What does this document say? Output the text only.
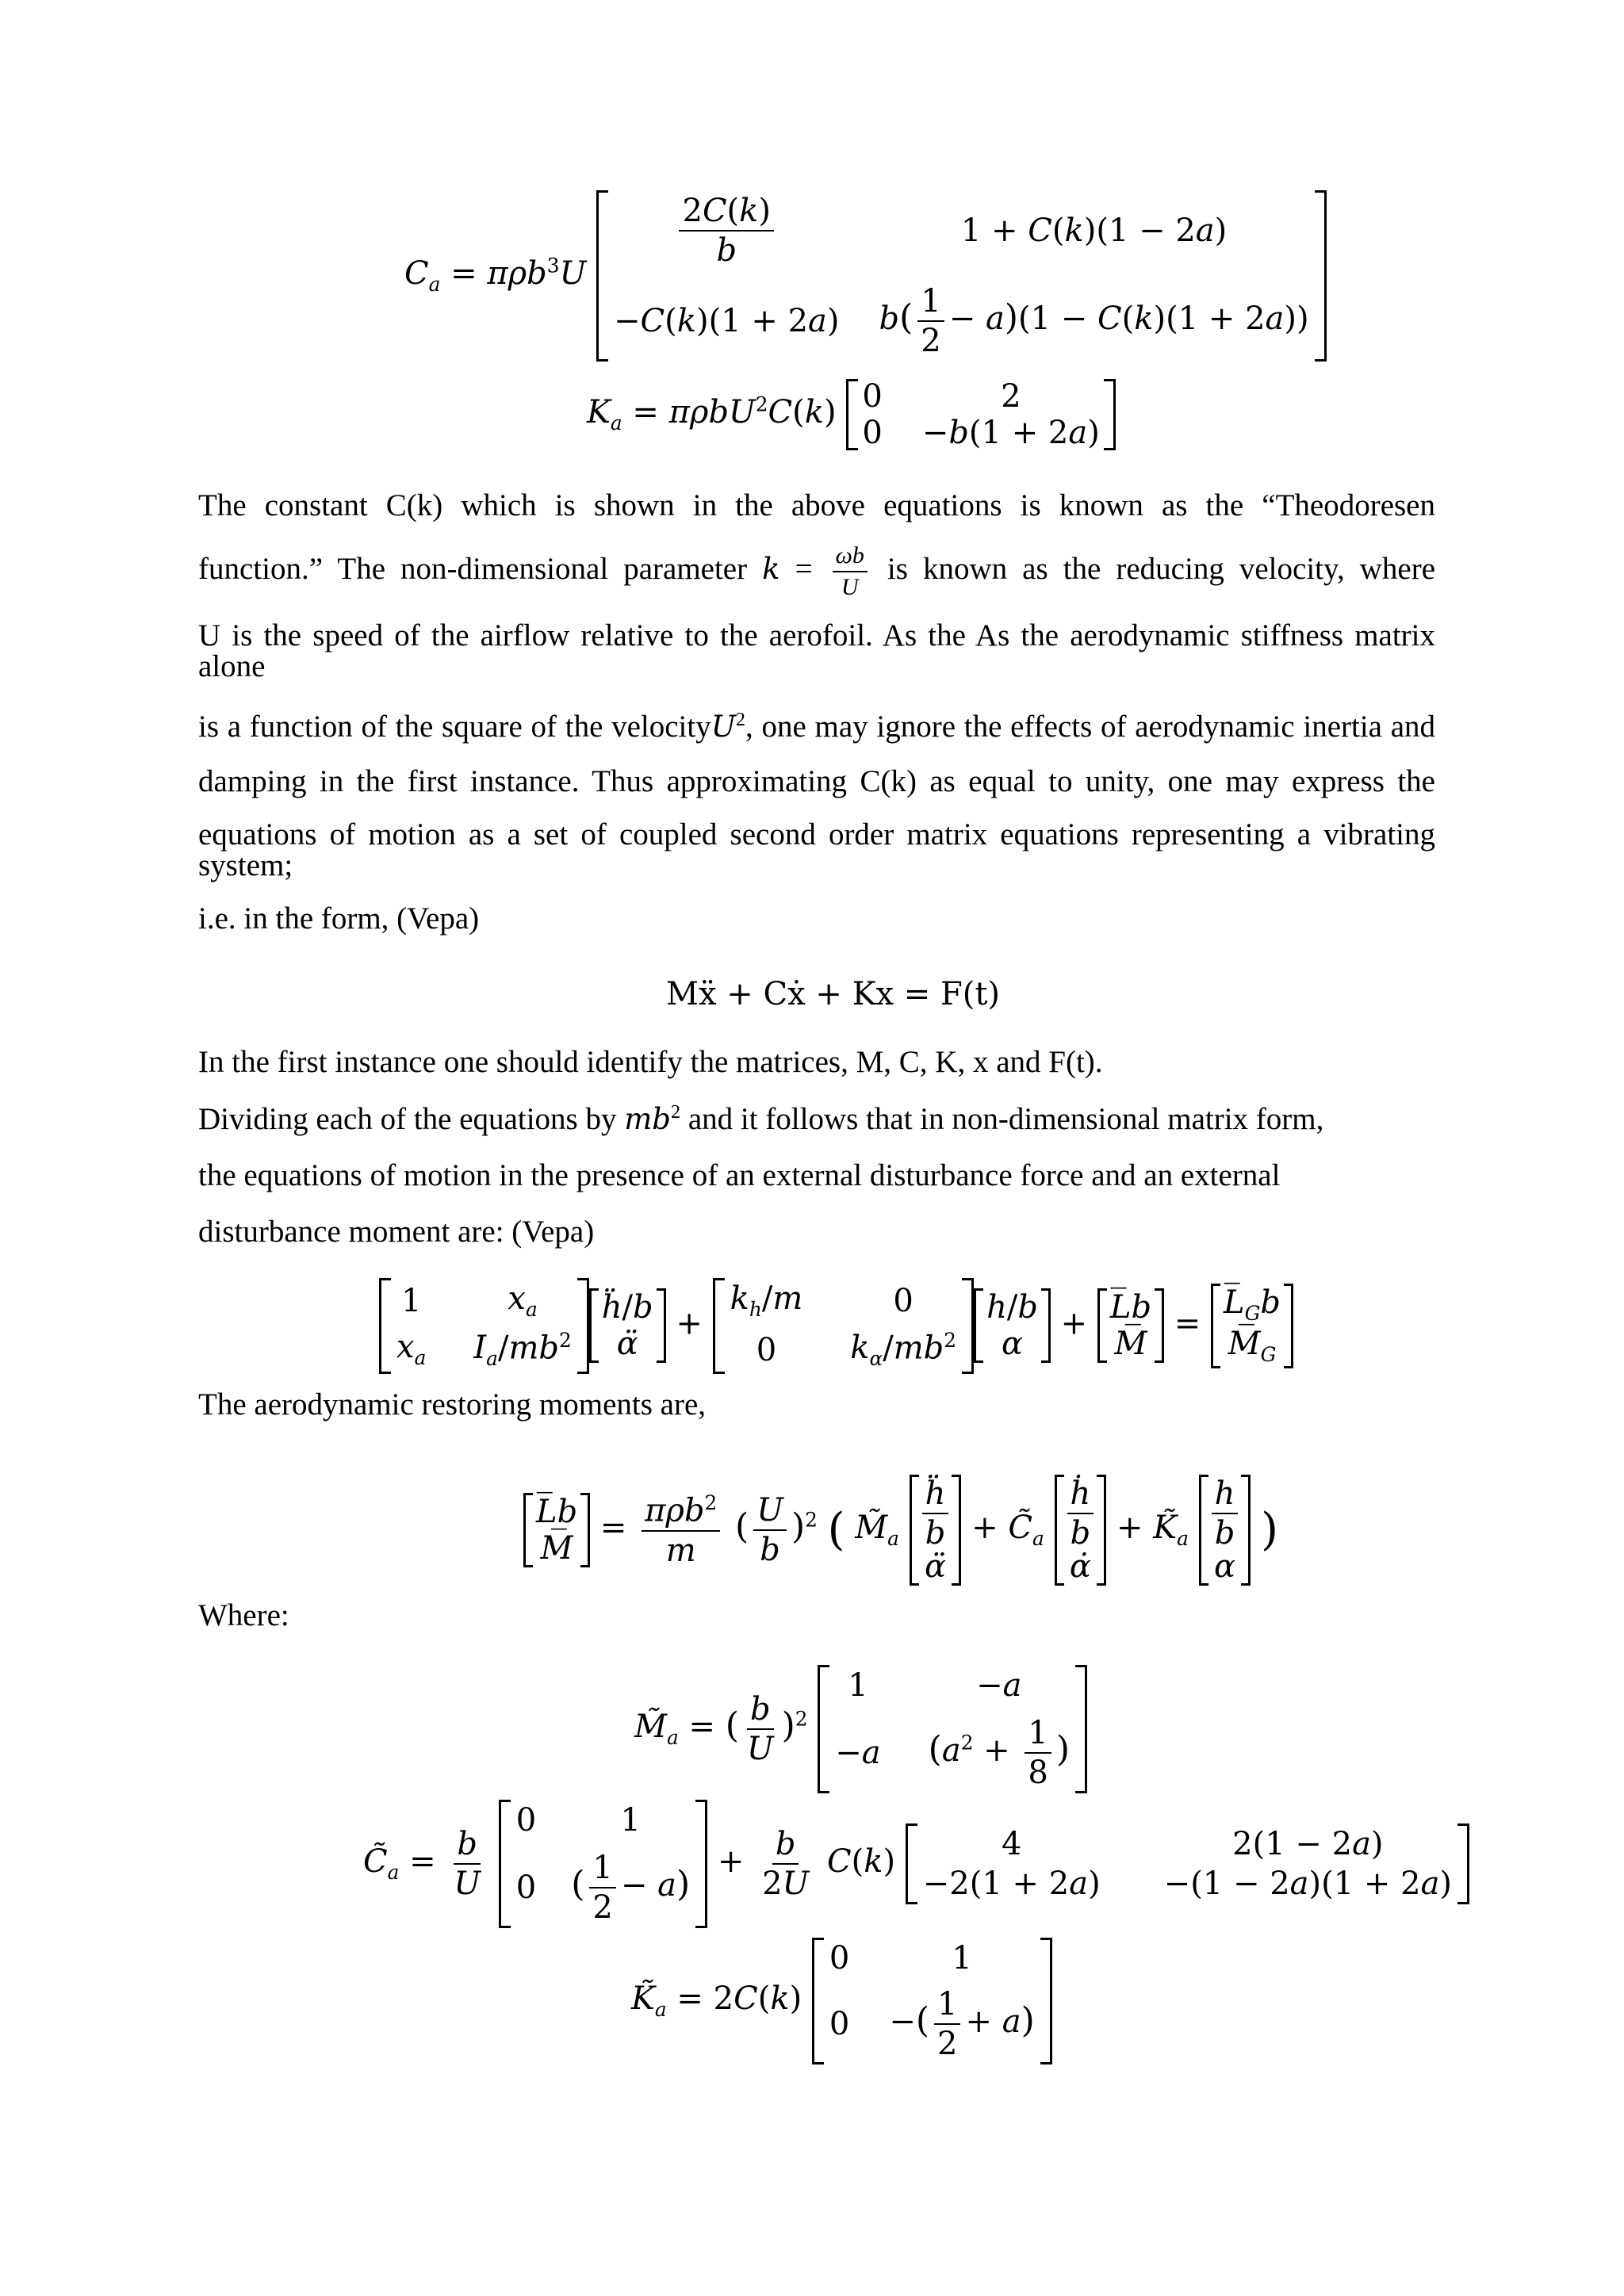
$C_a = \pi\rho b^3U$
$\frac{2C(k)}{b}$	1 + C(k)(1 − 2a)
−C(k)(1 + 2a) $b( \frac{1}{2} - a)(1 - C(k)(1 + 2a))$
$K_a = \pi\rho bU^2C(k)$ 0	2
0 −b(1 + 2a)

The constant C(k) which is shown in the above equations is known as the “Theodoresen

function.” The non-dimensional parameter $k = \frac{\omega b}{U}$ is known as the reducing velocity, where

U is the speed of the airflow relative to the aerofoil. As the As the aerodynamic stiffness matrix alone

is a function of the square of the velocityU$^2$, one may ignore the effects of aerodynamic inertia and

damping in the first instance. Thus approximating C(k) as equal to unity, one may express the

equations of motion as a set of coupled second order matrix equations representing a vibrating system;

i.e. in the form, (Vepa)

Mẍ + Cẋ + Kx = F(t)

In the first instance one should identify the matrices, M, C, K, x and F(t).

Dividing each of the equations by $mb^2$ and it follows that in non-dimensional matrix form,

the equations of motion in the presence of an external disturbance force and an external

disturbance moment are: (Vepa)

1	$x_a$
$x_a$ $I_a/mb^2$
ḧ/b
α̈
+
$k_h/m$	0
0 $k_\alpha/mb^2$
h/b
α
+ L̅b
M̅
=
$L̅_Gb$
$M̅_G$

The aerodynamic restoring moments are,

L̅b
M̅
= $\frac{\pi\rho b^2}{m}$ ( $\frac{U}{b} )^2$ ( $M̃_a \frac{\text{ḧ}}{b}$
α̈
+ $C̃_a \frac{\text{ḣ}}{b}$
α̇
+ $K̃_a \frac{h}{b}$
α
)

Where:

$M̃_a$ = ( $\frac{b}{U} )^2$
1	−a
−a ($a^2 + \frac{1}{8}$ )
$C̃_a = \frac{b}{U}$

0	1
0 ( $\frac{1}{2} - a$)
+ $\frac{b}{2U} C(k)$	4	2(1 − 2a)
−2(1 + 2a) −(1 − 2a)(1 + 2a)
$K̃_a = 2C(k)$
0	1
0 −( $\frac{1}{2} + a$)
